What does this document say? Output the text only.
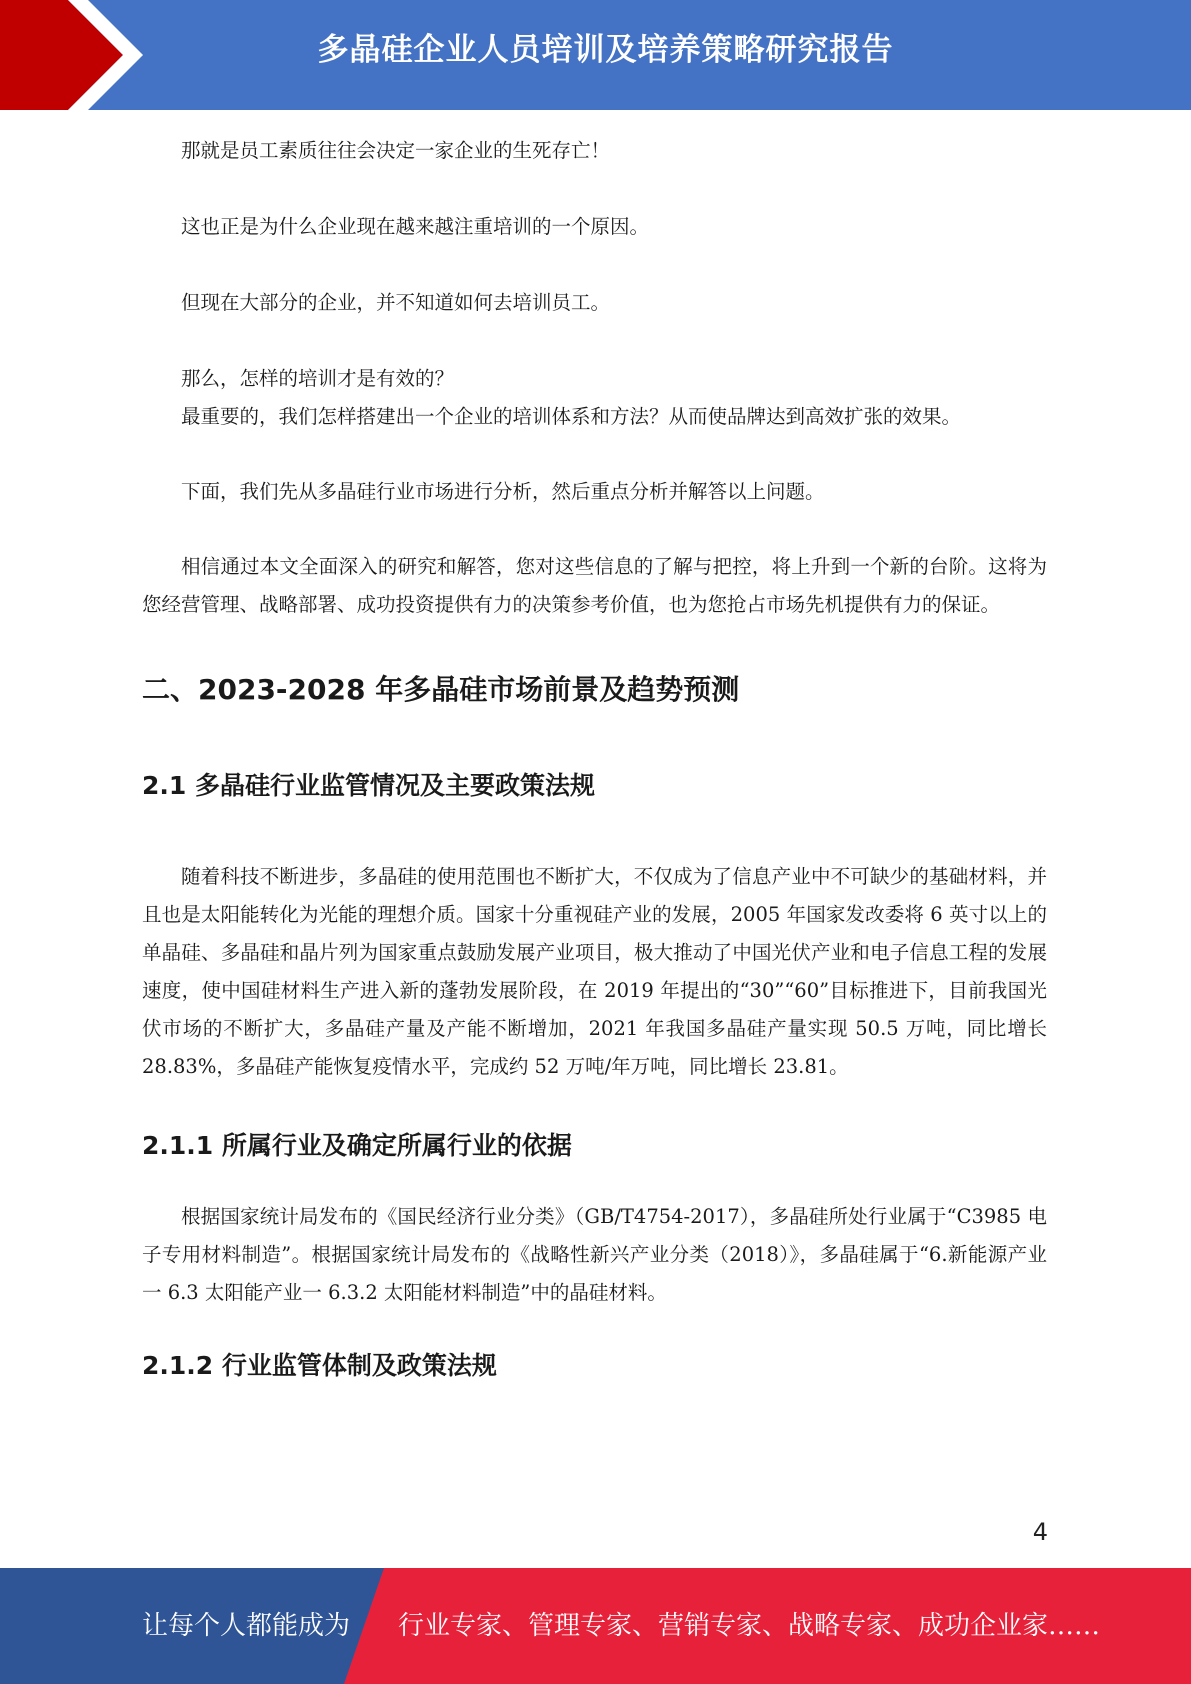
多晶硅企业人员培训及培养策略研究报告

那就是员工素质往往会决定一家企业的生死存亡！

这也正是为什么企业现在越来越注重培训的一个原因。

但现在大部分的企业，并不知道如何去培训员工。

那么，怎样的培训才是有效的？

最重要的，我们怎样搭建出一个企业的培训体系和方法？从而使品牌达到高效扩张的效果。

下面，我们先从多晶硅行业市场进行分析，然后重点分析并解答以上问题。

相信通过本文全面深入的研究和解答，您对这些信息的了解与把控，将上升到一个新的台阶。这将为您经营管理、战略部署、成功投资提供有力的决策参考价值，也为您抢占市场先机提供有力的保证。

二、2023-2028 年多晶硅市场前景及趋势预测
2.1 多晶硅行业监管情况及主要政策法规

随着科技不断进步，多晶硅的使用范围也不断扩大，不仅成为了信息产业中不可缺少的基础材料，并且也是太阳能转化为光能的理想介质。国家十分重视硅产业的发展，2005 年国家发改委将 6 英寸以上的单晶硅、多晶硅和晶片列为国家重点鼓励发展产业项目，极大推动了中国光伏产业和电子信息工程的发展速度，使中国硅材料生产进入新的蓬勃发展阶段，在 2019 年提出的“30”“60”目标推进下，目前我国光伏市场的不断扩大，多晶硅产量及产能不断增加，2021 年我国多晶硅产量实现 50.5 万吨，同比增长 28.83%，多晶硅产能恢复疫情水平，完成约 52 万吨/年万吨，同比增长 23.81。

2.1.1 所属行业及确定所属行业的依据

根据国家统计局发布的《国民经济行业分类》（GB/T4754-2017），多晶硅所处行业属于“C3985 电子专用材料制造”。根据国家统计局发布的《战略性新兴产业分类（2018）》，多晶硅属于“6.新能源产业一 6.3 太阳能产业一 6.3.2 太阳能材料制造”中的晶硅材料。

2.1.2 行业监管体制及政策法规
4
让每个人都能成为 行业专家、管理专家、营销专家、战略专家、成功企业家……
